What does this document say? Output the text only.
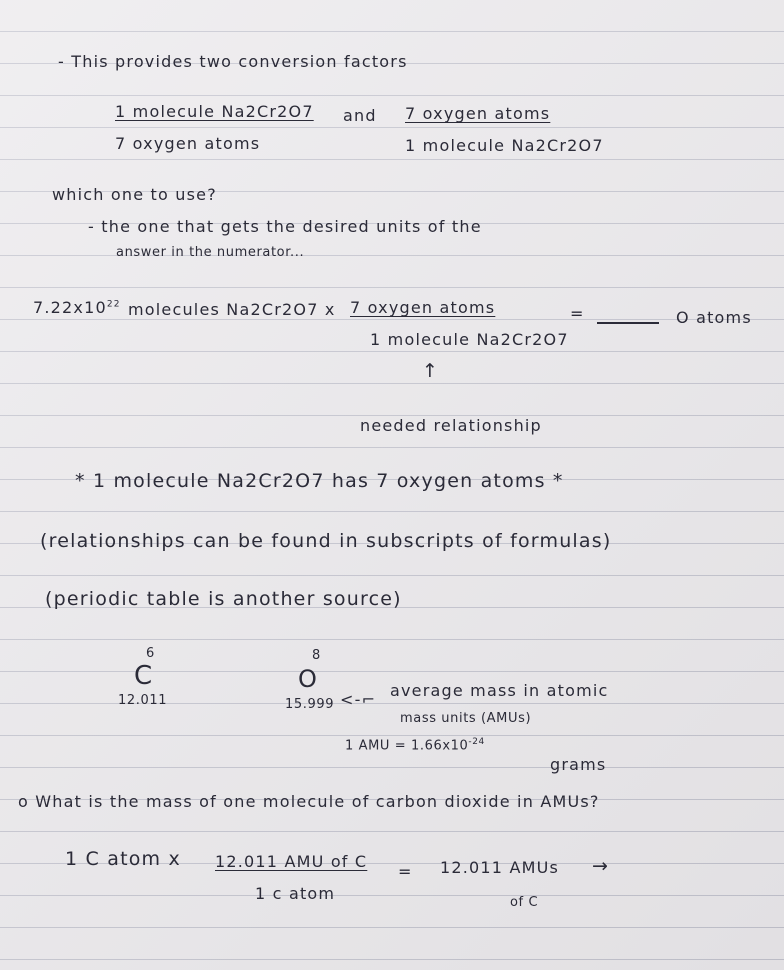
- This provides two conversion factors
1 molecule Na2Cr2O7
7 oxygen atoms
and 7 oxygen atoms
1 molecule Na2Cr2O7
which one to use?
- the one that gets the desired units of the
answer in the numerator...
$7.22x10^{22}$ molecules Na2Cr2O7 x 7 oxygen atoms
1 molecule Na2Cr2O7
=	O atoms
↑
needed relationship
* 1 molecule Na2Cr2O7 has 7 oxygen atoms *
(relationships can be found in subscripts of formulas)
(periodic table is another source)
6
C
12.011
8
O
15.999 <-⌐ average mass in atomic
mass units (AMUs)
1 AMU = $1.66x10^{-24}$
grams
o What is the mass of one molecule of carbon dioxide in AMUs?
1 C atom x 12.011 AMU of C
1 c atom
= 12.011 AMUs
of C
→
